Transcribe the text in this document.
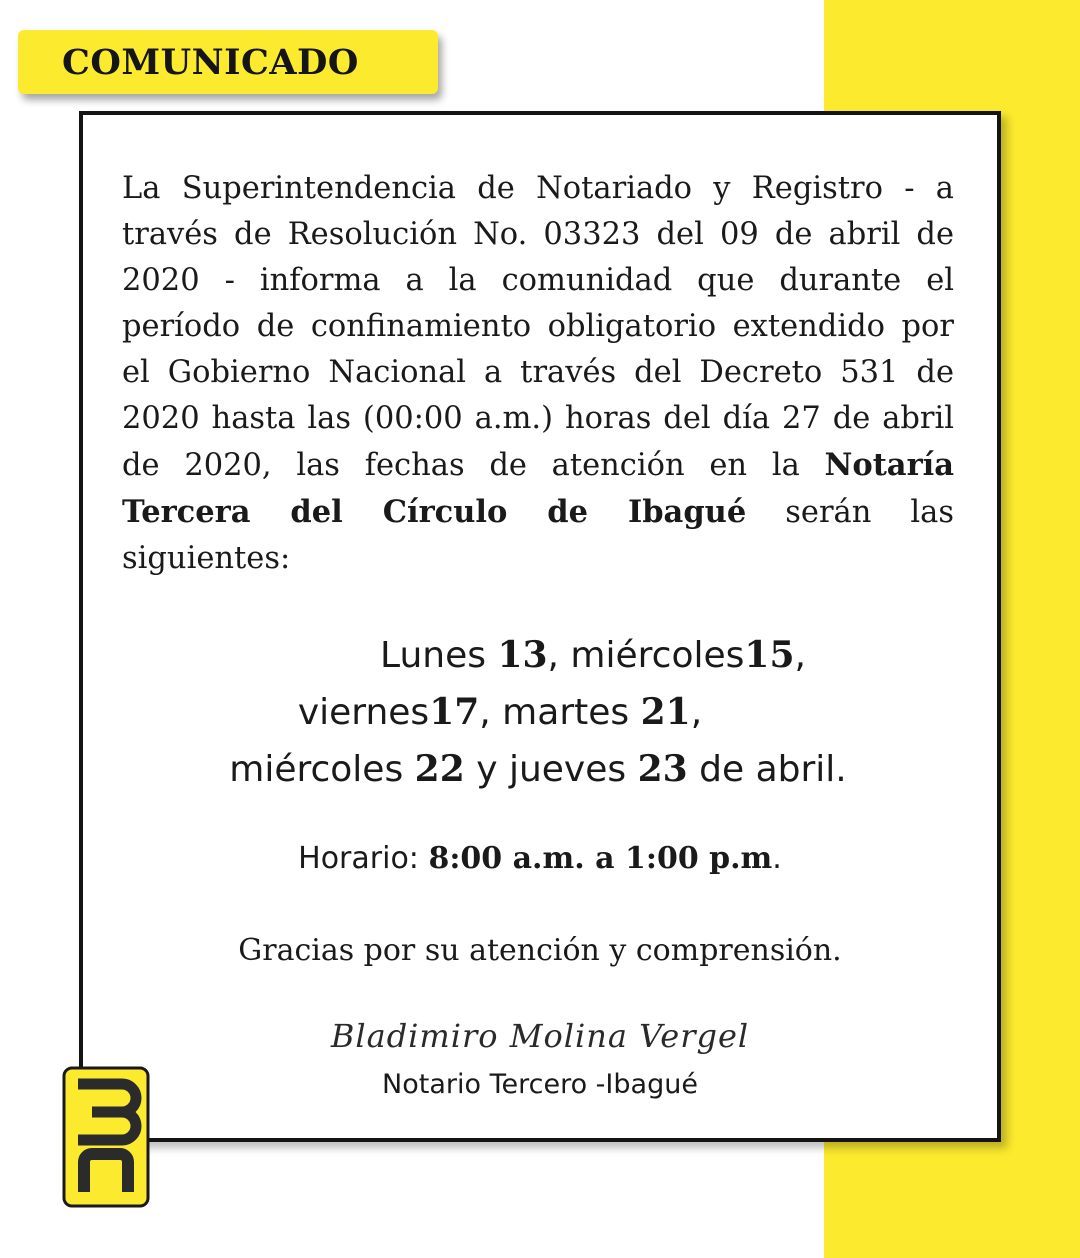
COMUNICADO

La Superintendencia de Notariado y Registro - a través de Resolución No. 03323 del 09 de abril de 2020 - informa a la comunidad que durante el período de confinamiento obligatorio extendido por el Gobierno Nacional a través del Decreto 531 de 2020 hasta las (00:00 a.m.) horas del día 27 de abril de 2020, las fechas de atención en la Notaría Tercera del Círculo de Ibagué serán las siguientes:

Lunes 13, miércoles15,
viernes17, martes 21,
miércoles 22 y jueves 23 de abril.
Horario: 8:00 a.m. a 1:00 p.m.
Gracias por su atención y comprensión.
Bladimiro Molina Vergel
Notario Tercero -Ibagué
